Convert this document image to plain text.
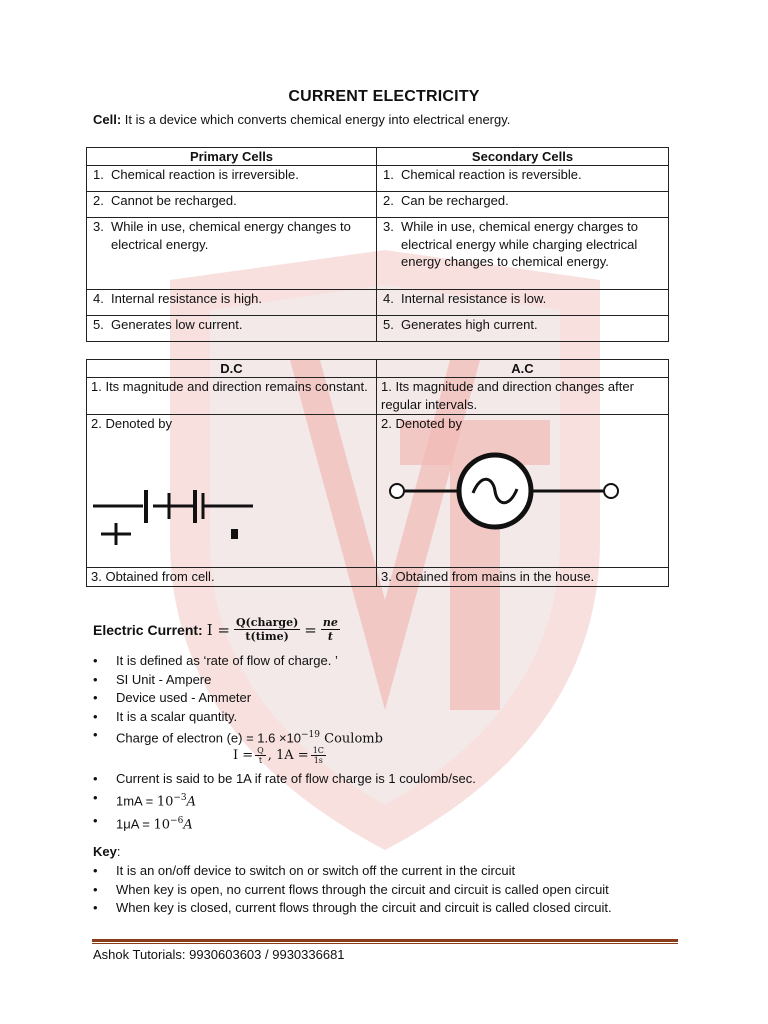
CURRENT ELECTRICITY
Cell: It is a device which converts chemical energy into electrical energy.
Primary Cells	Secondary Cells

1. Chemical reaction is irreversible.	1. Chemical reaction is reversible.

2. Cannot be recharged.	2. Can be recharged.

3. While in use, chemical energy changes to electrical energy.	3. While in use, chemical energy charges to electrical energy while charging electrical energy changes to chemical energy.

4. Internal resistance is high.	4. Internal resistance is low.

5. Generates low current.	5. Generates high current.
D.C	A.C
1. Its magnitude and direction remains constant.	1. Its magnitude and direction changes after regular intervals.

2. Denoted by	2. Denoted by

3. Obtained from cell.	3. Obtained from mains in the house.
Electric Current: $I = \frac{\text{Q(charge)}}{\text{t(time)}} = \frac{ne}{t}$
• It is defined as ‘rate of flow of charge. ’
• SI Unit - Ampere
• Device used - Ammeter
• It is a scalar quantity.
• Charge of electron $(e) = 1.6 \times 10^{-19}$ Coulomb
$I = \frac{Q}{t}$ , $1A = \frac{1C}{1s}$
• Current is said to be 1A if rate of flow charge is 1 coulomb/sec.
• $1mA = 10^{-3}A$
• $1\mu A = 10^{-6}A$
Key:
• It is an on/off device to switch on or switch off the current in the circuit
• When key is open, no current flows through the circuit and circuit is called open circuit
• When key is closed, current flows through the circuit and circuit is called closed circuit.
Ashok Tutorials: 9930603603 / 9930336681
